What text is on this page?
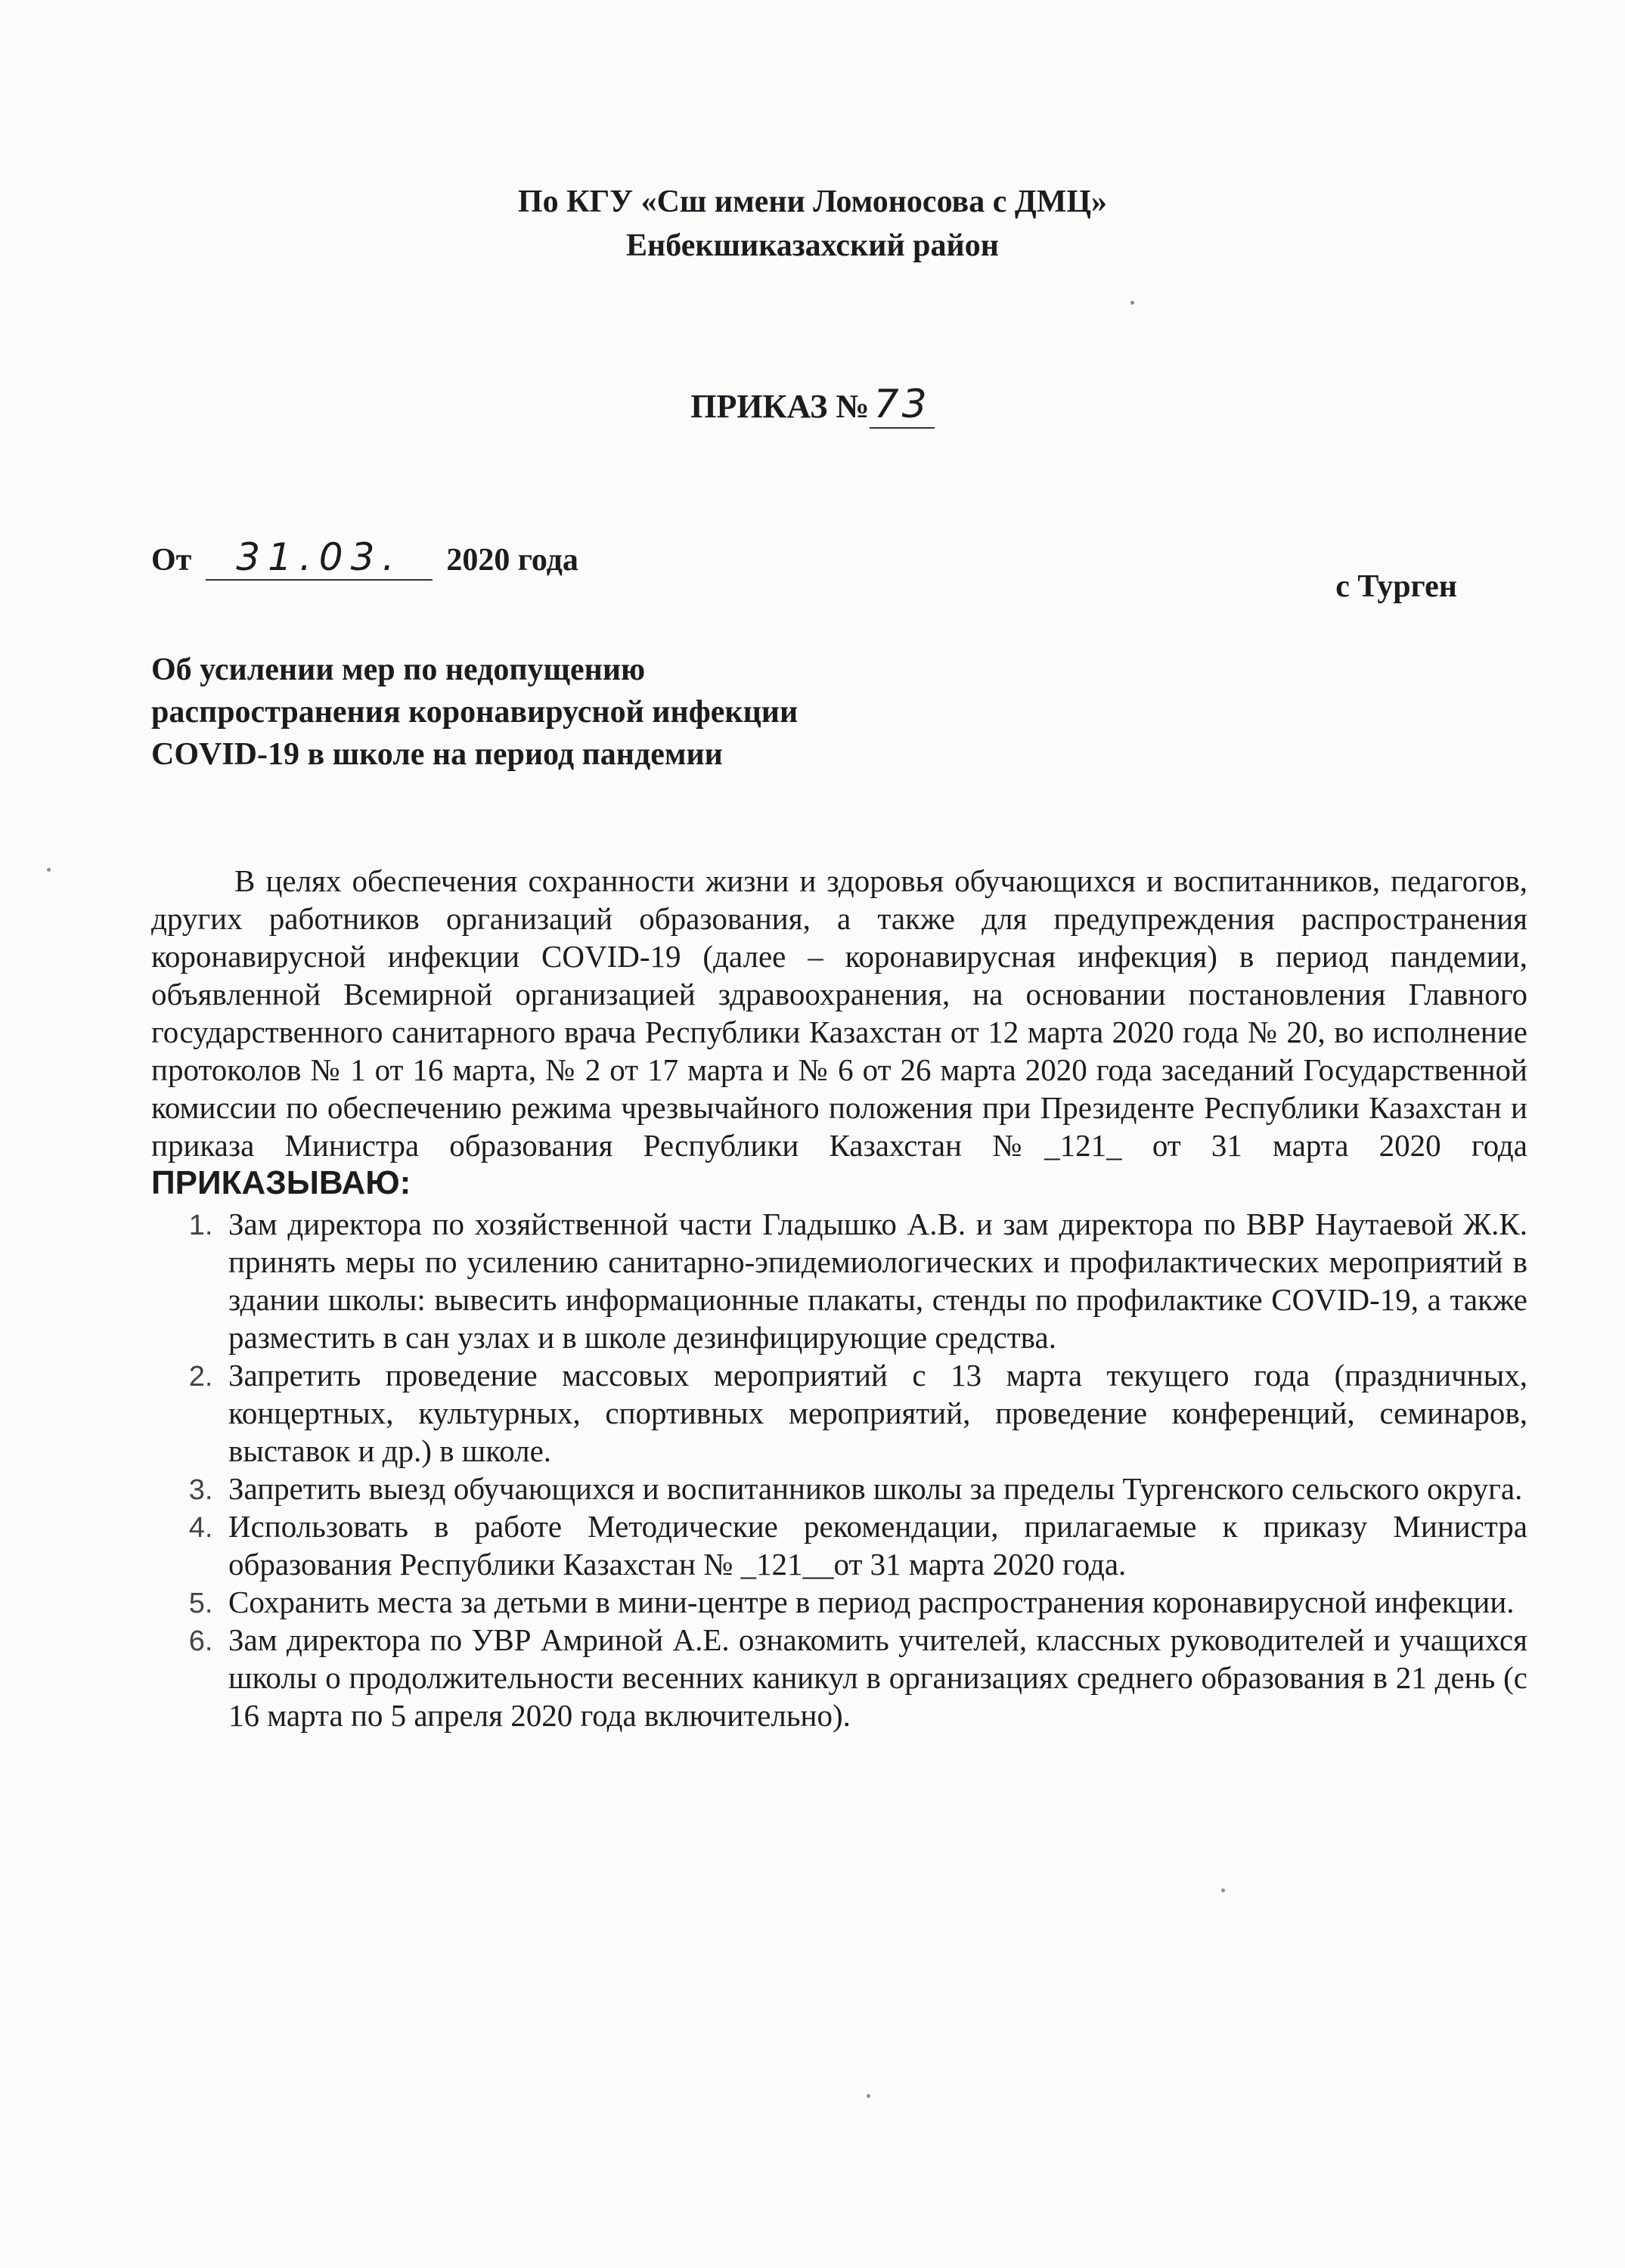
По КГУ «Сш имени Ломоносова с ДМЦ»
Енбекшиказахский район
ПРИКАЗ № 73
От 31.03. 2020 года
с Турген
Об усилении мер по недопущению
распространения коронавирусной инфекции
COVID-19 в школе на период пандемии

В целях обеспечения сохранности жизни и здоровья обучающихся и воспитанников, педагогов, других работников организаций образования, а также для предупреждения распространения коронавирусной инфекции COVID-19 (далее – коронавирусная инфекция) в период пандемии, объявленной Всемирной организацией здравоохранения, на основании постановления Главного государственного санитарного врача Республики Казахстан от 12 марта 2020 года № 20, во исполнение протоколов № 1 от 16 марта, № 2 от 17 марта и № 6 от 26 марта 2020 года заседаний Государственной комиссии по обеспечению режима чрезвычайного положения при Президенте Республики Казахстан и приказа Министра образования Республики Казахстан №_121_ от 31 марта 2020 года ПРИКАЗЫВАЮ:

1. Зам директора по хозяйственной части Гладышко А.В. и зам директора по ВВР Наутаевой Ж.К. принять меры по усилению санитарно-эпидемиологических и профилактических мероприятий в здании школы: вывесить информационные плакаты, стенды по профилактике COVID-19, а также разместить в сан узлах и в школе дезинфицирующие средства.
2. Запретить проведение массовых мероприятий с 13 марта текущего года (праздничных, концертных, культурных, спортивных мероприятий, проведение конференций, семинаров, выставок и др.) в школе.
3. Запретить выезд обучающихся и воспитанников школы за пределы Тургенского сельского округа.
4. Использовать в работе Методические рекомендации, прилагаемые к приказу Министра образования Республики Казахстан № _121__от 31 марта 2020 года.
5. Сохранить места за детьми в мини-центре в период распространения коронавирусной инфекции.
6. Зам директора по УВР Амриной А.Е. ознакомить учителей, классных руководителей и учащихся школы о продолжительности весенних каникул в организациях среднего образования в 21 день (с 16 марта по 5 апреля 2020 года включительно).
